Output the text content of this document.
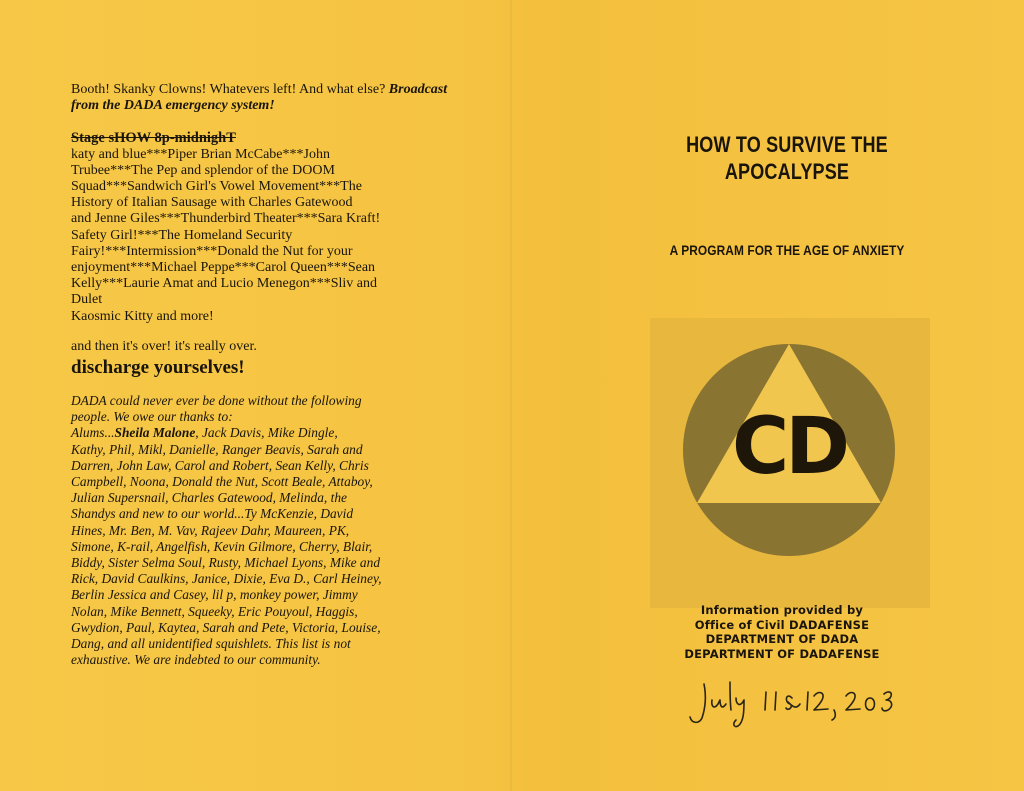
Booth! Skanky Clowns! Whatevers left! And what else? Broadcast from the DADA emergency system!

Stage sHOW 8p-midnighT

katy and blue***Piper Brian McCabe***John

Trubee***The Pep and splendor of the DOOM

Squad***Sandwich Girl's Vowel Movement***The

History of Italian Sausage with Charles Gatewood

and Jenne Giles***Thunderbird Theater***Sara Kraft!

Safety Girl!***The Homeland Security

Fairy!***Intermission***Donald the Nut for your

enjoyment***Michael Peppe***Carol Queen***Sean

Kelly***Laurie Amat and Lucio Menegon***Sliv and

Dulet

Kaosmic Kitty and more!

and then it's over! it's really over.

discharge yourselves!

DADA could never ever be done without the following

people. We owe our thanks to:

Alums...Sheila Malone, Jack Davis, Mike Dingle,

Kathy, Phil, Mikl, Danielle, Ranger Beavis, Sarah and

Darren, John Law, Carol and Robert, Sean Kelly, Chris

Campbell, Noona, Donald the Nut, Scott Beale, Attaboy,

Julian Supersnail, Charles Gatewood, Melinda, the

Shandys and new to our world...Ty McKenzie, David

Hines, Mr. Ben, M. Vav, Rajeev Dahr, Maureen, PK,

Simone, K-rail, Angelfish, Kevin Gilmore, Cherry, Blair,

Biddy, Sister Selma Soul, Rusty, Michael Lyons, Mike and

Rick, David Caulkins, Janice, Dixie, Eva D., Carl Heiney,

Berlin Jessica and Casey, lil p, monkey power, Jimmy

Nolan, Mike Bennett, Squeeky, Eric Pouyoul, Haggis,

Gwydion, Paul, Kaytea, Sarah and Pete, Victoria, Louise,

Dang, and all unidentified squishlets. This list is not

exhaustive. We are indebted to our community.

HOW TO SURVIVE THE
APOCALYPSE
A PROGRAM FOR THE AGE OF ANXIETY
CD
Information provided by
Office of Civil DADAFENSE
DEPARTMENT OF DADA
DEPARTMENT OF DADAFENSE
